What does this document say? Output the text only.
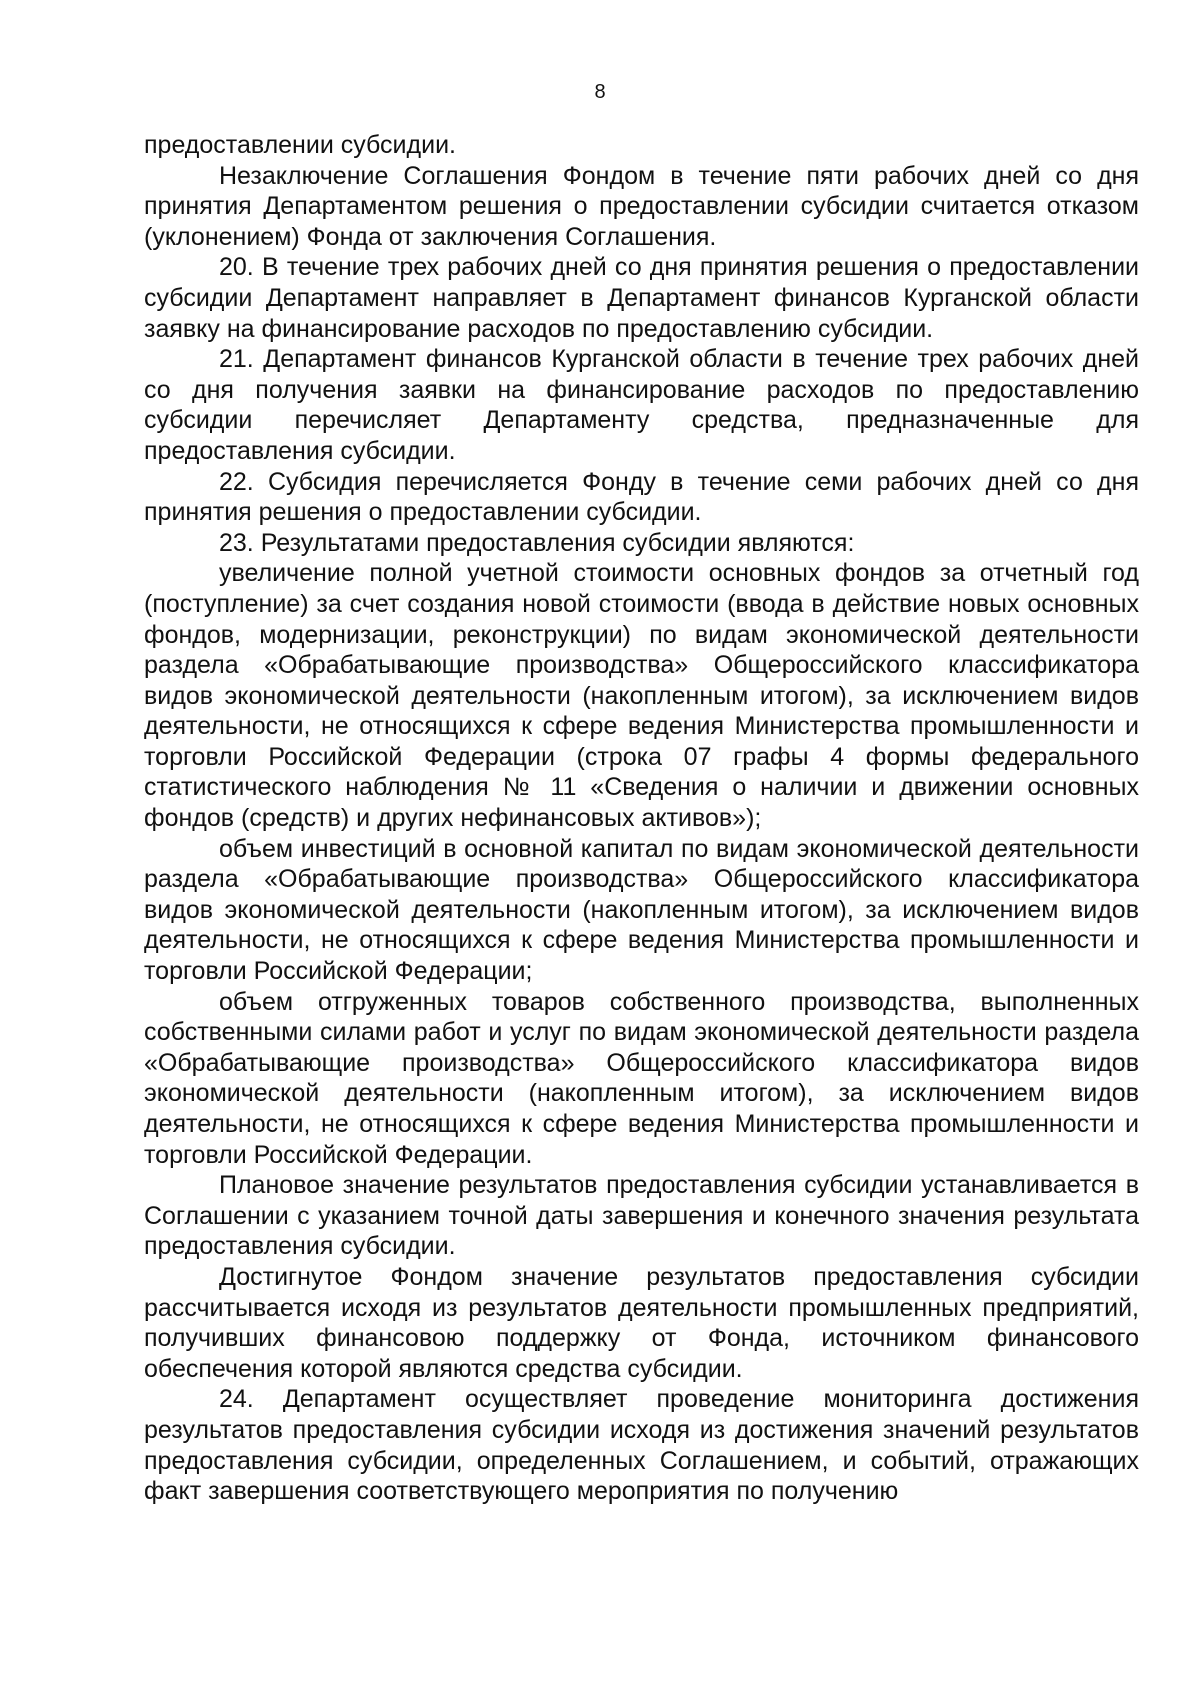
8

предоставлении субсидии.

Незаключение Соглашения Фондом в течение пяти рабочих дней со дня принятия Департаментом решения о предоставлении субсидии считается отказом (уклонением) Фонда от заключения Соглашения.

20. В течение трех рабочих дней со дня принятия решения о предоставлении субсидии Департамент направляет в Департамент финансов Курганской области заявку на финансирование расходов по предоставлению субсидии.

21. Департамент финансов Курганской области в течение трех рабочих дней со дня получения заявки на финансирование расходов по предоставлению субсидии перечисляет Департаменту средства, предназначенные для предоставления субсидии.

22. Субсидия перечисляется Фонду в течение семи рабочих дней со дня принятия решения о предоставлении субсидии.

23. Результатами предоставления субсидии являются:

увеличение полной учетной стоимости основных фондов за отчетный год (поступление) за счет создания новой стоимости (ввода в действие новых основных фондов, модернизации, реконструкции) по видам экономической деятельности раздела «Обрабатывающие производства» Общероссийского классификатора видов экономической деятельности (накопленным итогом), за исключением видов деятельности, не относящихся к сфере ведения Министерства промышленности и торговли Российской Федерации (строка 07 графы 4 формы федерального статистического наблюдения № 11 «Сведения о наличии и движении основных фондов (средств) и других нефинансовых активов»);

объем инвестиций в основной капитал по видам экономической деятельности раздела «Обрабатывающие производства» Общероссийского классификатора видов экономической деятельности (накопленным итогом), за исключением видов деятельности, не относящихся к сфере ведения Министерства промышленности и торговли Российской Федерации;

объем отгруженных товаров собственного производства, выполненных собственными силами работ и услуг по видам экономической деятельности раздела «Обрабатывающие производства» Общероссийского классификатора видов экономической деятельности (накопленным итогом), за исключением видов деятельности, не относящихся к сфере ведения Министерства промышленности и торговли Российской Федерации.

Плановое значение результатов предоставления субсидии устанавливается в Соглашении с указанием точной даты завершения и конечного значения результата предоставления субсидии.

Достигнутое Фондом значение результатов предоставления субсидии рассчитывается исходя из результатов деятельности промышленных предприятий, получивших финансовою поддержку от Фонда, источником финансового обеспечения которой являются средства субсидии.

24. Департамент осуществляет проведение мониторинга достижения результатов предоставления субсидии исходя из достижения значений результатов предоставления субсидии, определенных Соглашением, и событий, отражающих факт завершения соответствующего мероприятия по получению
